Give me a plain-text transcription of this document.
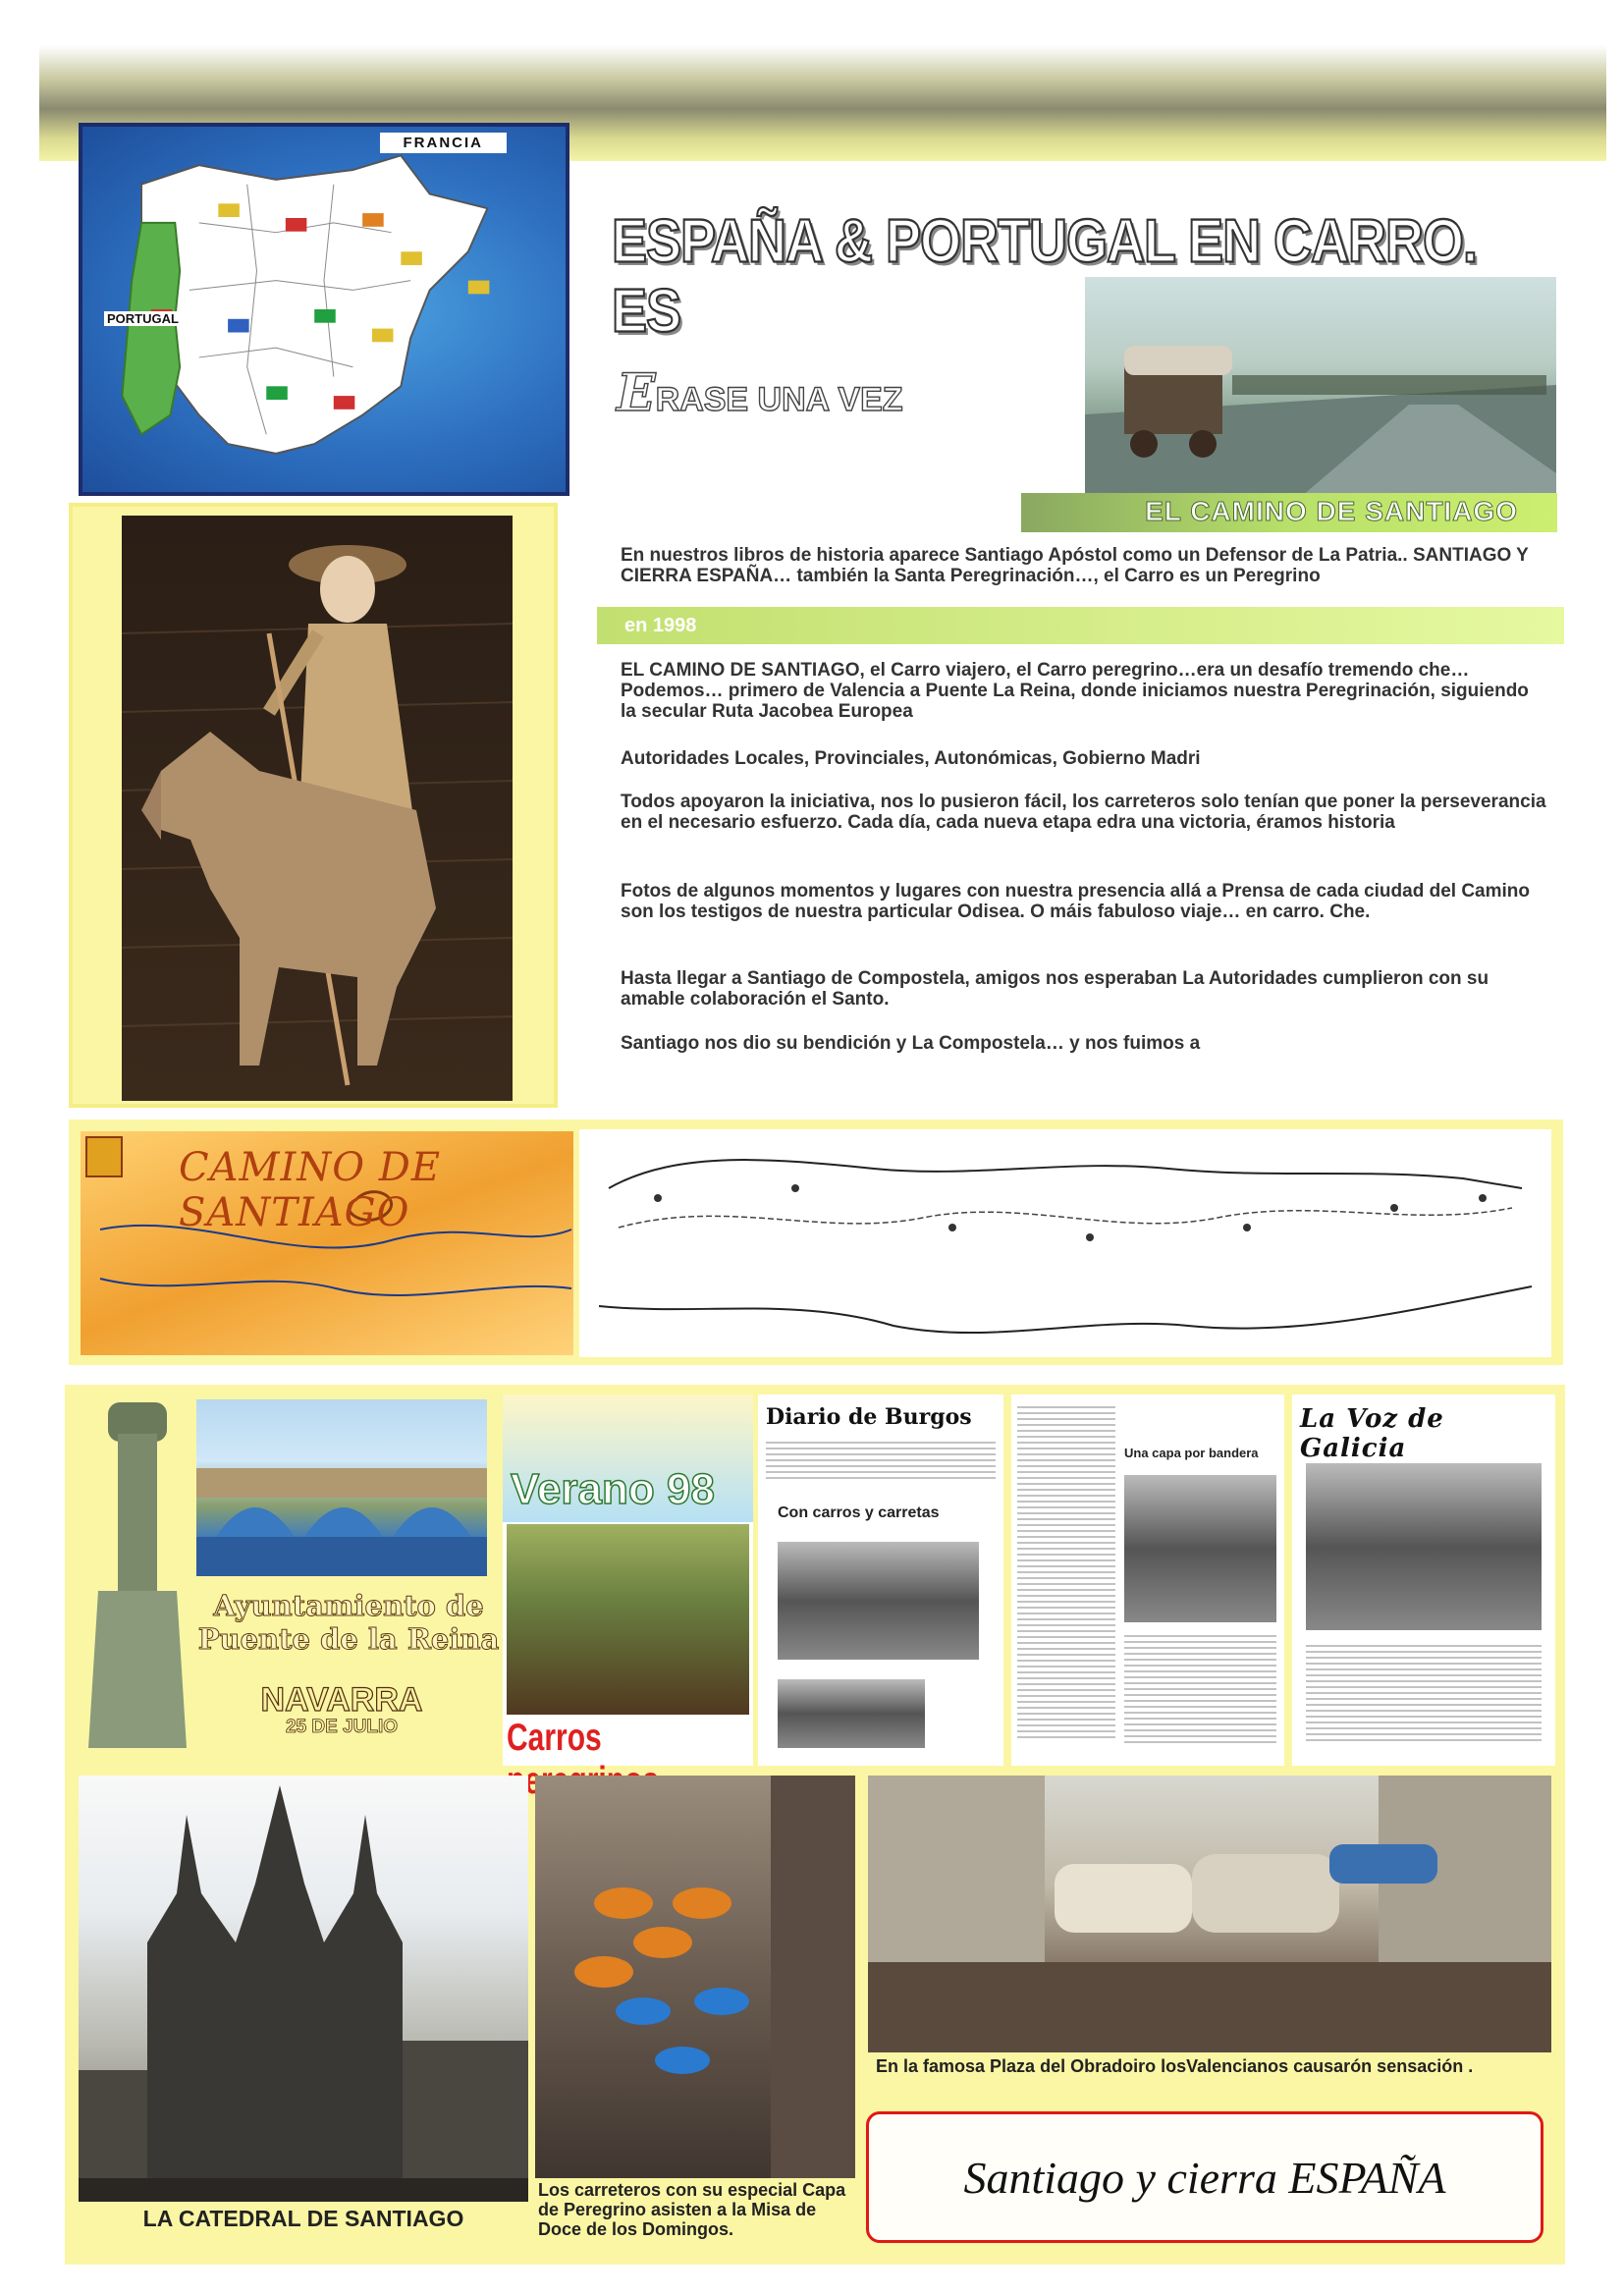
FRANCIA
PORTUGAL
ESPAÑA & PORTUGAL EN CARRO. ES
ERASE UNA VEZ
EL CAMINO DE SANTIAGO
En nuestros libros de historia aparece Santiago Apóstol como un Defensor de La Patria.. SANTIAGO Y CIERRA ESPAÑA… también la Santa Peregrinación…, el Carro es un Peregrino
en 1998
EL CAMINO DE SANTIAGO, el Carro viajero, el Carro peregrino…era un desafío tremendo che… Podemos… primero de Valencia a Puente La Reina, donde iniciamos nuestra Peregrinación, siguiendo la secular Ruta Jacobea Europea
Autoridades Locales, Provinciales, Autonómicas, Gobierno Madri
Todos apoyaron la iniciativa, nos lo pusieron fácil, los carreteros solo tenían que poner la perseverancia en el necesario esfuerzo. Cada día, cada nueva etapa edra una victoria, éramos historia
Fotos de algunos momentos y lugares con nuestra presencia allá a Prensa de cada ciudad del Camino son los testigos de nuestra particular Odisea. O máis fabuloso viaje… en carro. Che.
Hasta llegar a Santiago de Compostela, amigos nos esperaban La Autoridades cumplieron con su amable colaboración el Santo.
Santiago nos dio su bendición y La Compostela… y nos fuimos a
CAMINO DE SANTIAGO
Ayuntamiento de Puente de la Reina
NAVARRA
25 DE JULIO
Verano 98
Carros
Diario de Burgos
Con carros y carretas
Una capa por bandera
La Voz de Galicia
LA CATEDRAL DE SANTIAGO
Los carreteros con su especial Capa de Peregrino asisten a la Misa de Doce de los Domingos.
En la famosa Plaza del Obradoiro losValencianos causarón sensación .
Santiago y cierra ESPAÑA
